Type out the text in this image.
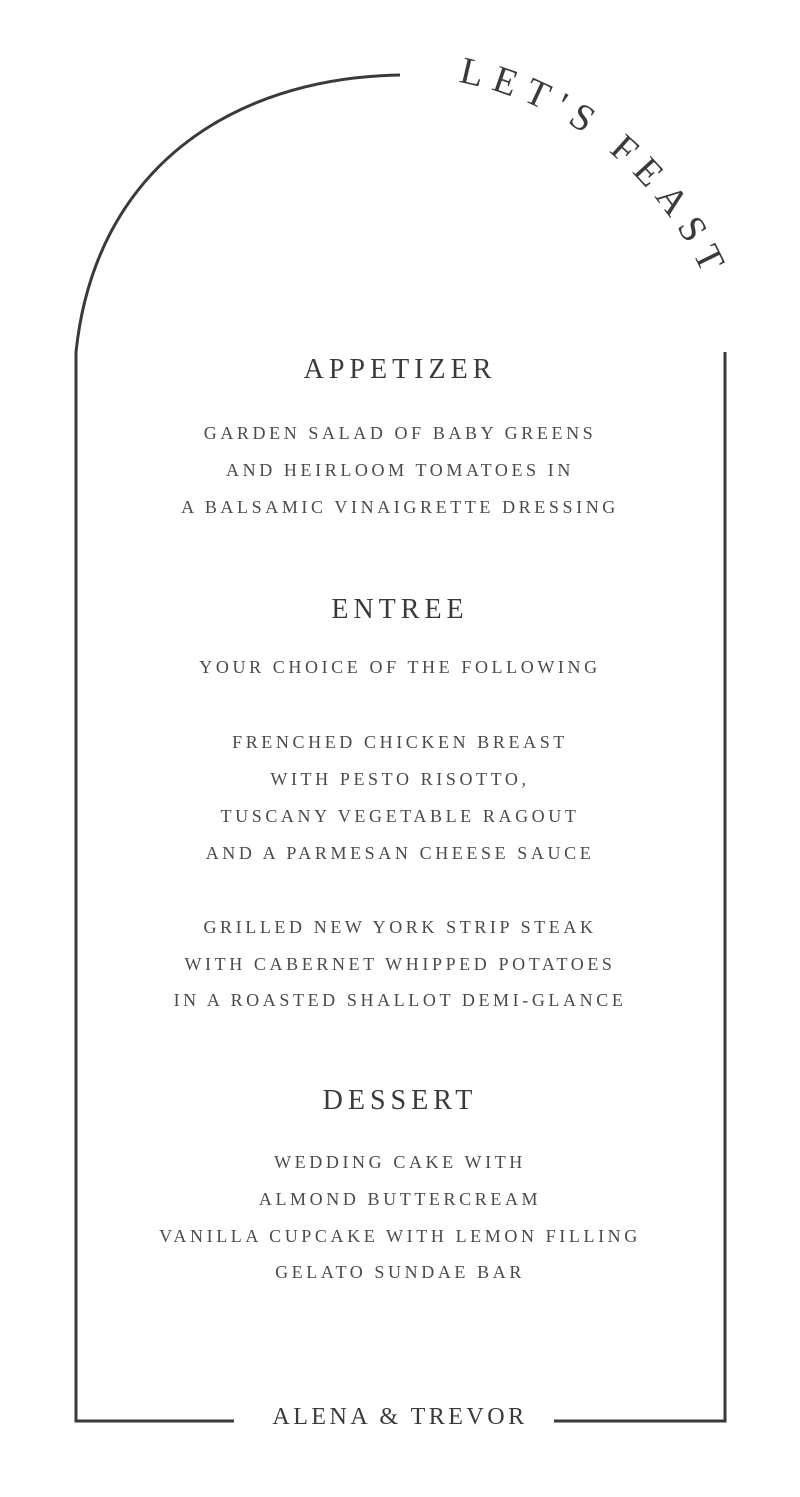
LET'S FEAST
APPETIZER
GARDEN SALAD OF BABY GREENS
AND HEIRLOOM TOMATOES IN
A BALSAMIC VINAIGRETTE DRESSING
ENTREE
YOUR CHOICE OF THE FOLLOWING
FRENCHED CHICKEN BREAST
WITH PESTO RISOTTO,
TUSCANY VEGETABLE RAGOUT
AND A PARMESAN CHEESE SAUCE
GRILLED NEW YORK STRIP STEAK
WITH CABERNET WHIPPED POTATOES
IN A ROASTED SHALLOT DEMI-GLANCE
DESSERT
WEDDING CAKE WITH
ALMOND BUTTERCREAM
VANILLA CUPCAKE WITH LEMON FILLING
GELATO SUNDAE BAR
ALENA & TREVOR
